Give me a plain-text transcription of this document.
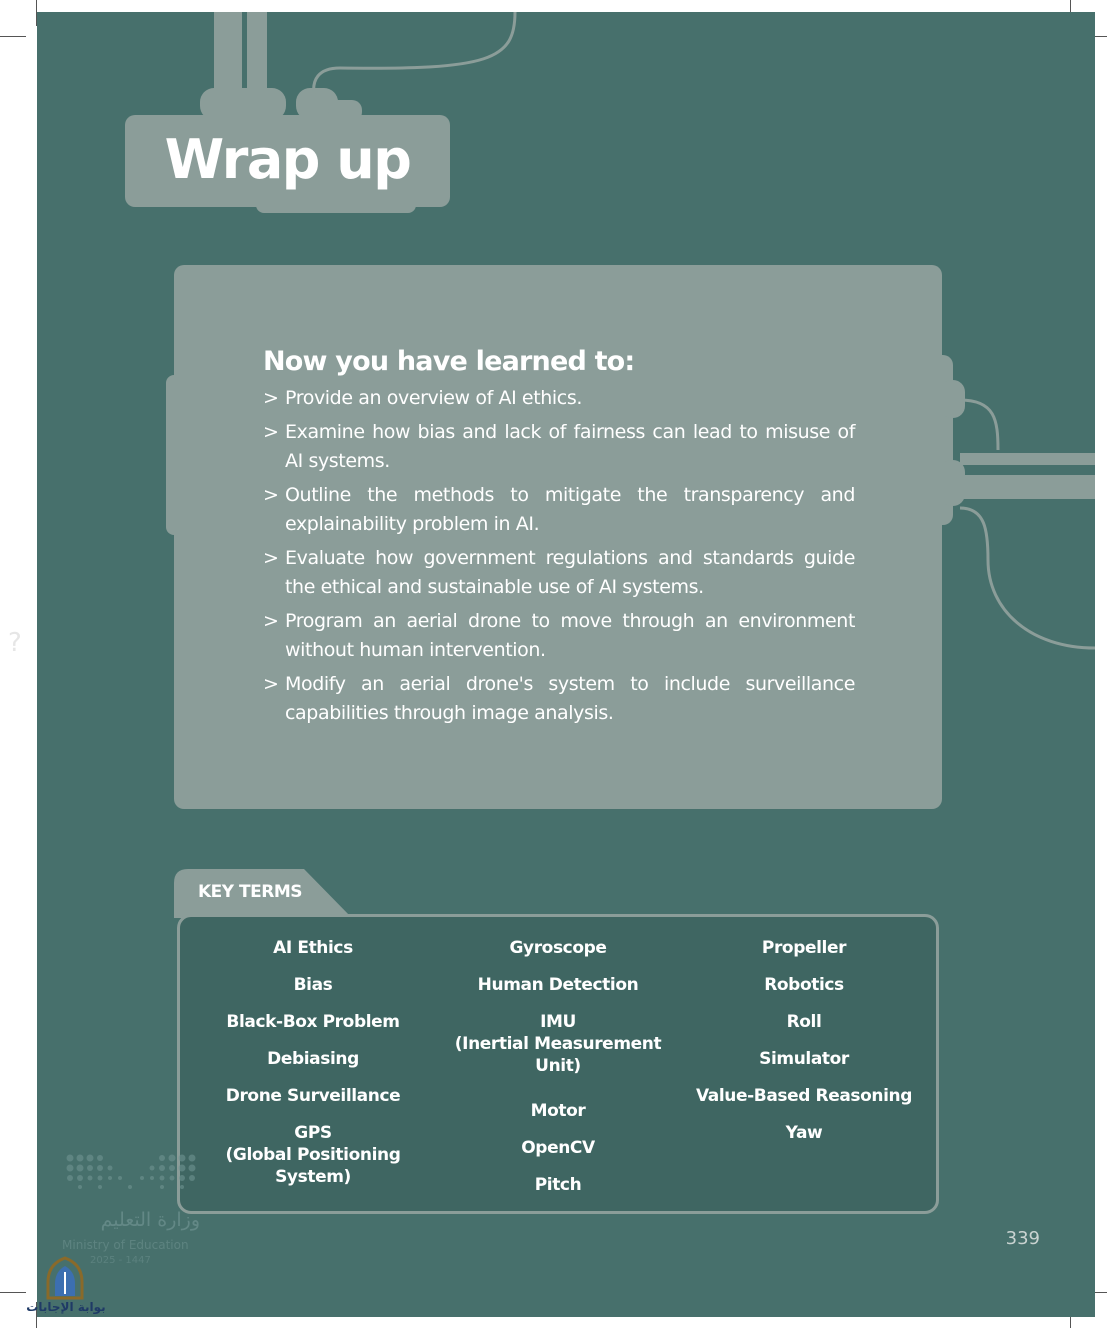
Wrap up
Now you have learned to:
> Provide an overview of AI ethics.
> Examine how bias and lack of fairness can lead to misuse of AI systems.
> Outline the methods to mitigate the transparency and explainability problem in AI.
> Evaluate how government regulations and standards guide the ethical and sustainable use of AI systems.
> Program an aerial drone to move through an environment without human intervention.
> Modify an aerial drone's system to include surveillance capabilities through image analysis.
KEY TERMS
AI Ethics
Bias
Black-Box Problem
Debiasing
Drone Surveillance
GPS
(Global Positioning
System)
Gyroscope
Human Detection
IMU
(Inertial Measurement
Unit)
Motor
OpenCV
Pitch
Propeller
Robotics
Roll
Simulator
Value-Based Reasoning
Yaw
339
وزارة التعليم
Ministry of Education
2025 - 1447
بوابة الإجابات
?
